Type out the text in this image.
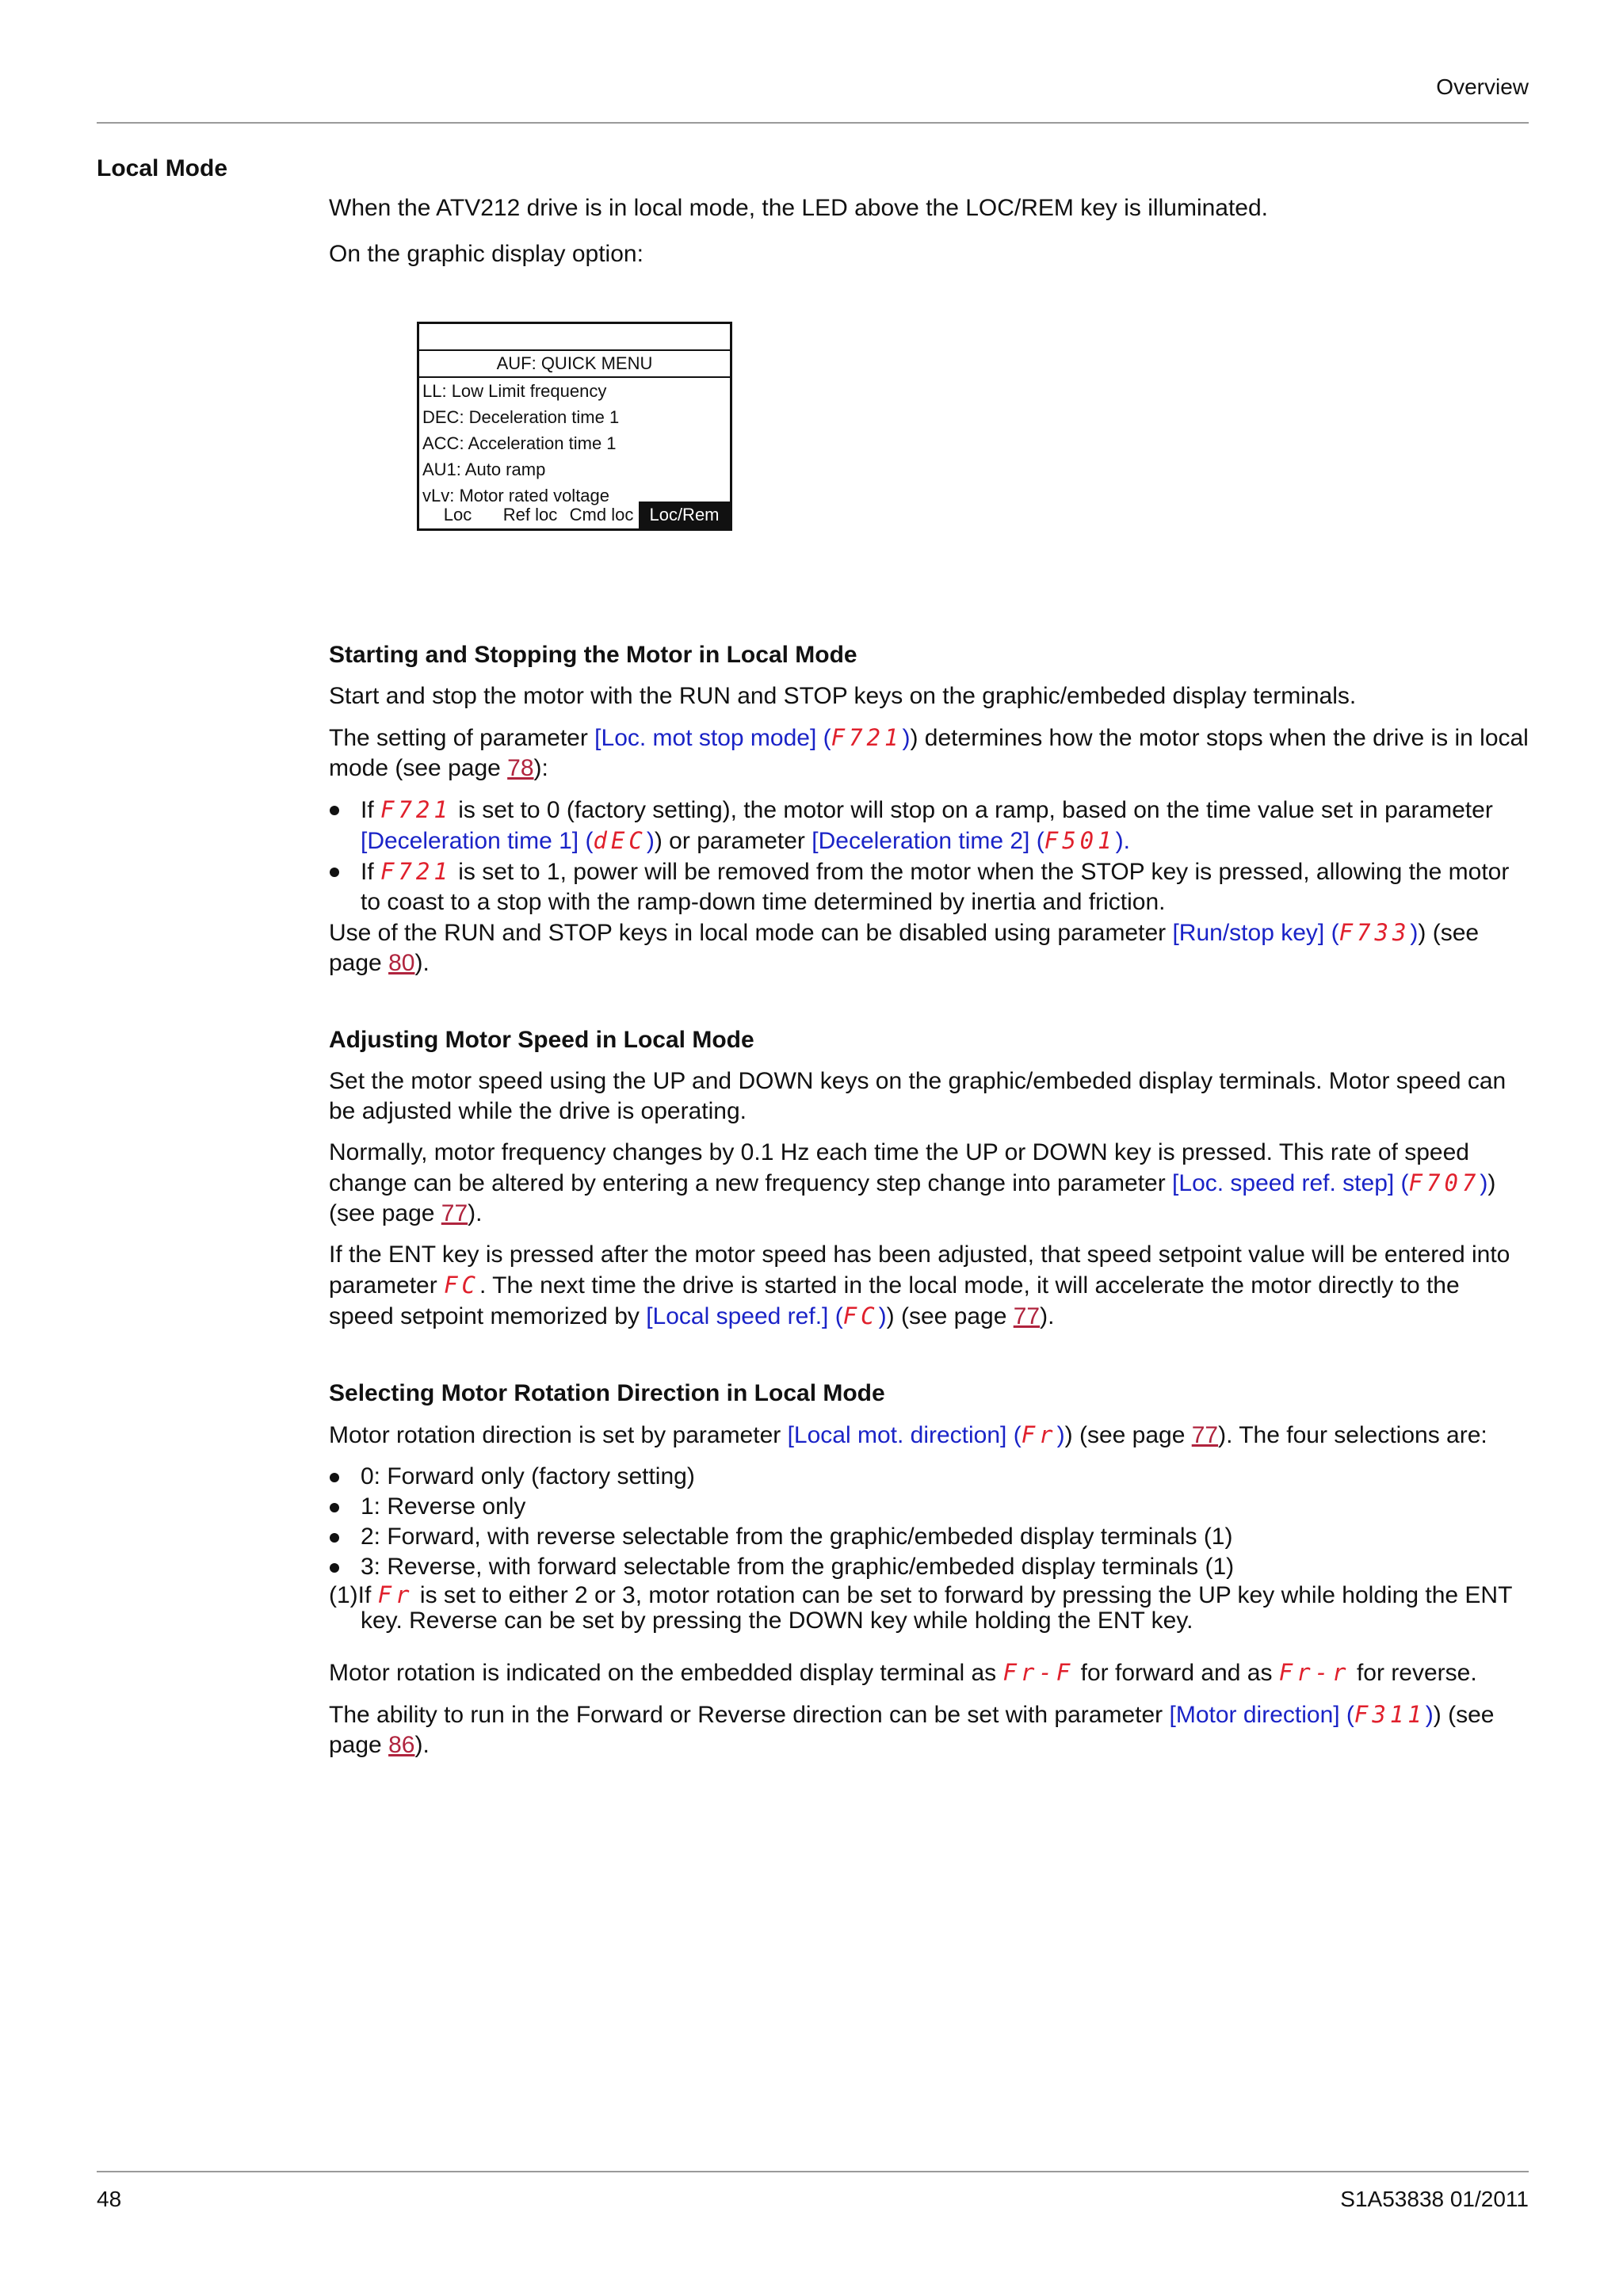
Overview
Local Mode

When the ATV212 drive is in local mode, the LED above the LOC/REM key is illuminated.

On the graphic display option:

AUF: QUICK MENU
LL: Low Limit frequency
DEC: Deceleration time 1
ACC: Acceleration time 1
AU1: Auto ramp
vLv: Motor rated voltage
Loc	Ref loc Cmd loc Loc/Rem
Starting and Stopping the Motor in Local Mode

Start and stop the motor with the RUN and STOP keys on the graphic/embeded display terminals.

The setting of parameter [Loc. mot stop mode] (F721)) determines how the motor stops when the drive is in local mode (see page 78):

If F721 is set to 0 (factory setting), the motor will stop on a ramp, based on the time value set in parameter [Deceleration time 1] (dEC)) or parameter [Deceleration time 2] (F501).
If F721 is set to 1, power will be removed from the motor when the STOP key is pressed, allowing the motor to coast to a stop with the ramp-down time determined by inertia and friction.

Use of the RUN and STOP keys in local mode can be disabled using parameter [Run/stop key] (F733)) (see page 80).

Adjusting Motor Speed in Local Mode

Set the motor speed using the UP and DOWN keys on the graphic/embeded display terminals. Motor speed can be adjusted while the drive is operating.

Normally, motor frequency changes by 0.1 Hz each time the UP or DOWN key is pressed. This rate of speed change can be altered by entering a new frequency step change into parameter [Loc. speed ref. step] (F707)) (see page 77).

If the ENT key is pressed after the motor speed has been adjusted, that speed setpoint value will be entered into parameter FC. The next time the drive is started in the local mode, it will accelerate the motor directly to the speed setpoint memorized by [Local speed ref.] (FC)) (see page 77).

Selecting Motor Rotation Direction in Local Mode

Motor rotation direction is set by parameter [Local mot. direction] (Fr)) (see page 77). The four selections are:

0: Forward only (factory setting)
1: Reverse only
2: Forward, with reverse selectable from the graphic/embeded display terminals (1)
3: Reverse, with forward selectable from the graphic/embeded display terminals (1)

(1)If Fr is set to either 2 or 3, motor rotation can be set to forward by pressing the UP key while holding the ENT key. Reverse can be set by pressing the DOWN key while holding the ENT key.

Motor rotation is indicated on the embedded display terminal as Fr-F for forward and as Fr-r for reverse.

The ability to run in the Forward or Reverse direction can be set with parameter [Motor direction] (F311)) (see page 86).

48	S1A53838 01/2011
